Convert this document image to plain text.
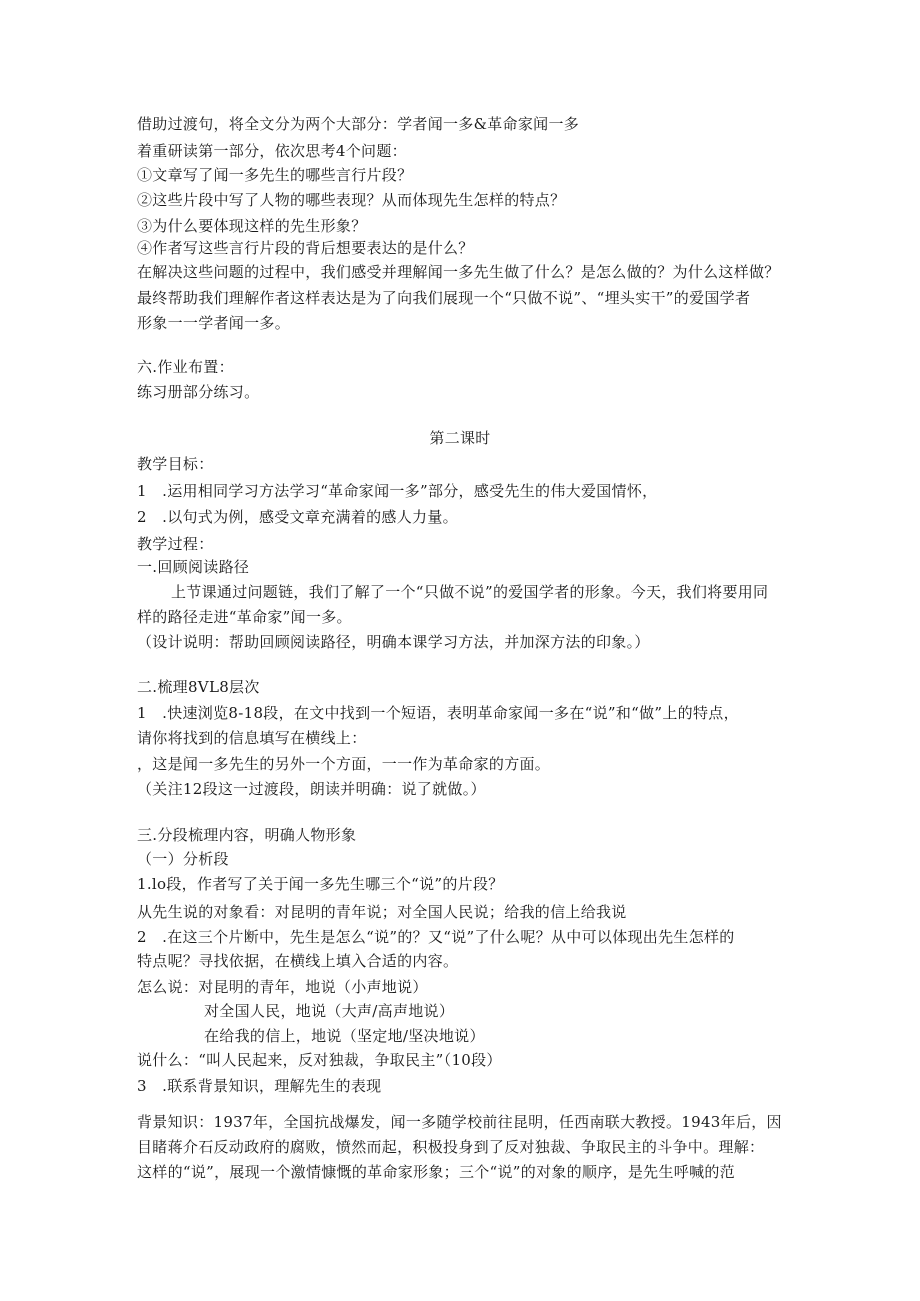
借助过渡句，将全文分为两个大部分：学者闻一多&革命家闻一多
着重研读第一部分，依次思考4个问题：
①文章写了闻一多先生的哪些言行片段？
②这些片段中写了人物的哪些表现？从而体现先生怎样的特点？
③为什么要体现这样的先生形象？
④作者写这些言行片段的背后想要表达的是什么？
在解决这些问题的过程中，我们感受并理解闻一多先生做了什么？是怎么做的？为什么这样做？
最终帮助我们理解作者这样表达是为了向我们展现一个“只做不说”、“埋头实干”的爱国学者
形象一一学者闻一多。
六.作业布置：
练习册部分练习。
第二课时
教学目标：
1　.运用相同学习方法学习“革命家闻一多”部分，感受先生的伟大爱国情怀，
2　.以句式为例，感受文章充满着的感人力量。
教学过程：
一.回顾阅读路径
上节课通过问题链，我们了解了一个“只做不说”的爱国学者的形象。今天，我们将要用同
样的路径走进“革命家”闻一多。
（设计说明：帮助回顾阅读路径，明确本课学习方法，并加深方法的印象。）
二.梳理8VL8层次
1　.快速浏览8-18段，在文中找到一个短语，表明革命家闻一多在“说”和“做”上的特点，
请你将找到的信息填写在横线上：
，这是闻一多先生的另外一个方面，一一作为革命家的方面。
（关注12段这一过渡段，朗读并明确：说了就做。）
三.分段梳理内容，明确人物形象
（一）分析段
1.lo段，作者写了关于闻一多先生哪三个“说”的片段？
从先生说的对象看：对昆明的青年说；对全国人民说；给我的信上给我说
2　.在这三个片断中，先生是怎么“说”的？又“说”了什么呢？从中可以体现出先生怎样的
特点呢？寻找依据，在横线上填入合适的内容。
怎么说：对昆明的青年，地说（小声地说）
对全国人民，地说（大声/高声地说）
在给我的信上，地说（坚定地/坚决地说）
说什么：“叫人民起来，反对独裁，争取民主”（10段）
3　.联系背景知识，理解先生的表现
背景知识：1937年，全国抗战爆发，闻一多随学校前往昆明，任西南联大教授。1943年后，因
目睹蒋介石反动政府的腐败，愤然而起，积极投身到了反对独裁、争取民主的斗争中。理解：
这样的“说”，展现一个激情慷慨的革命家形象；三个“说”的对象的顺序，是先生呼喊的范
